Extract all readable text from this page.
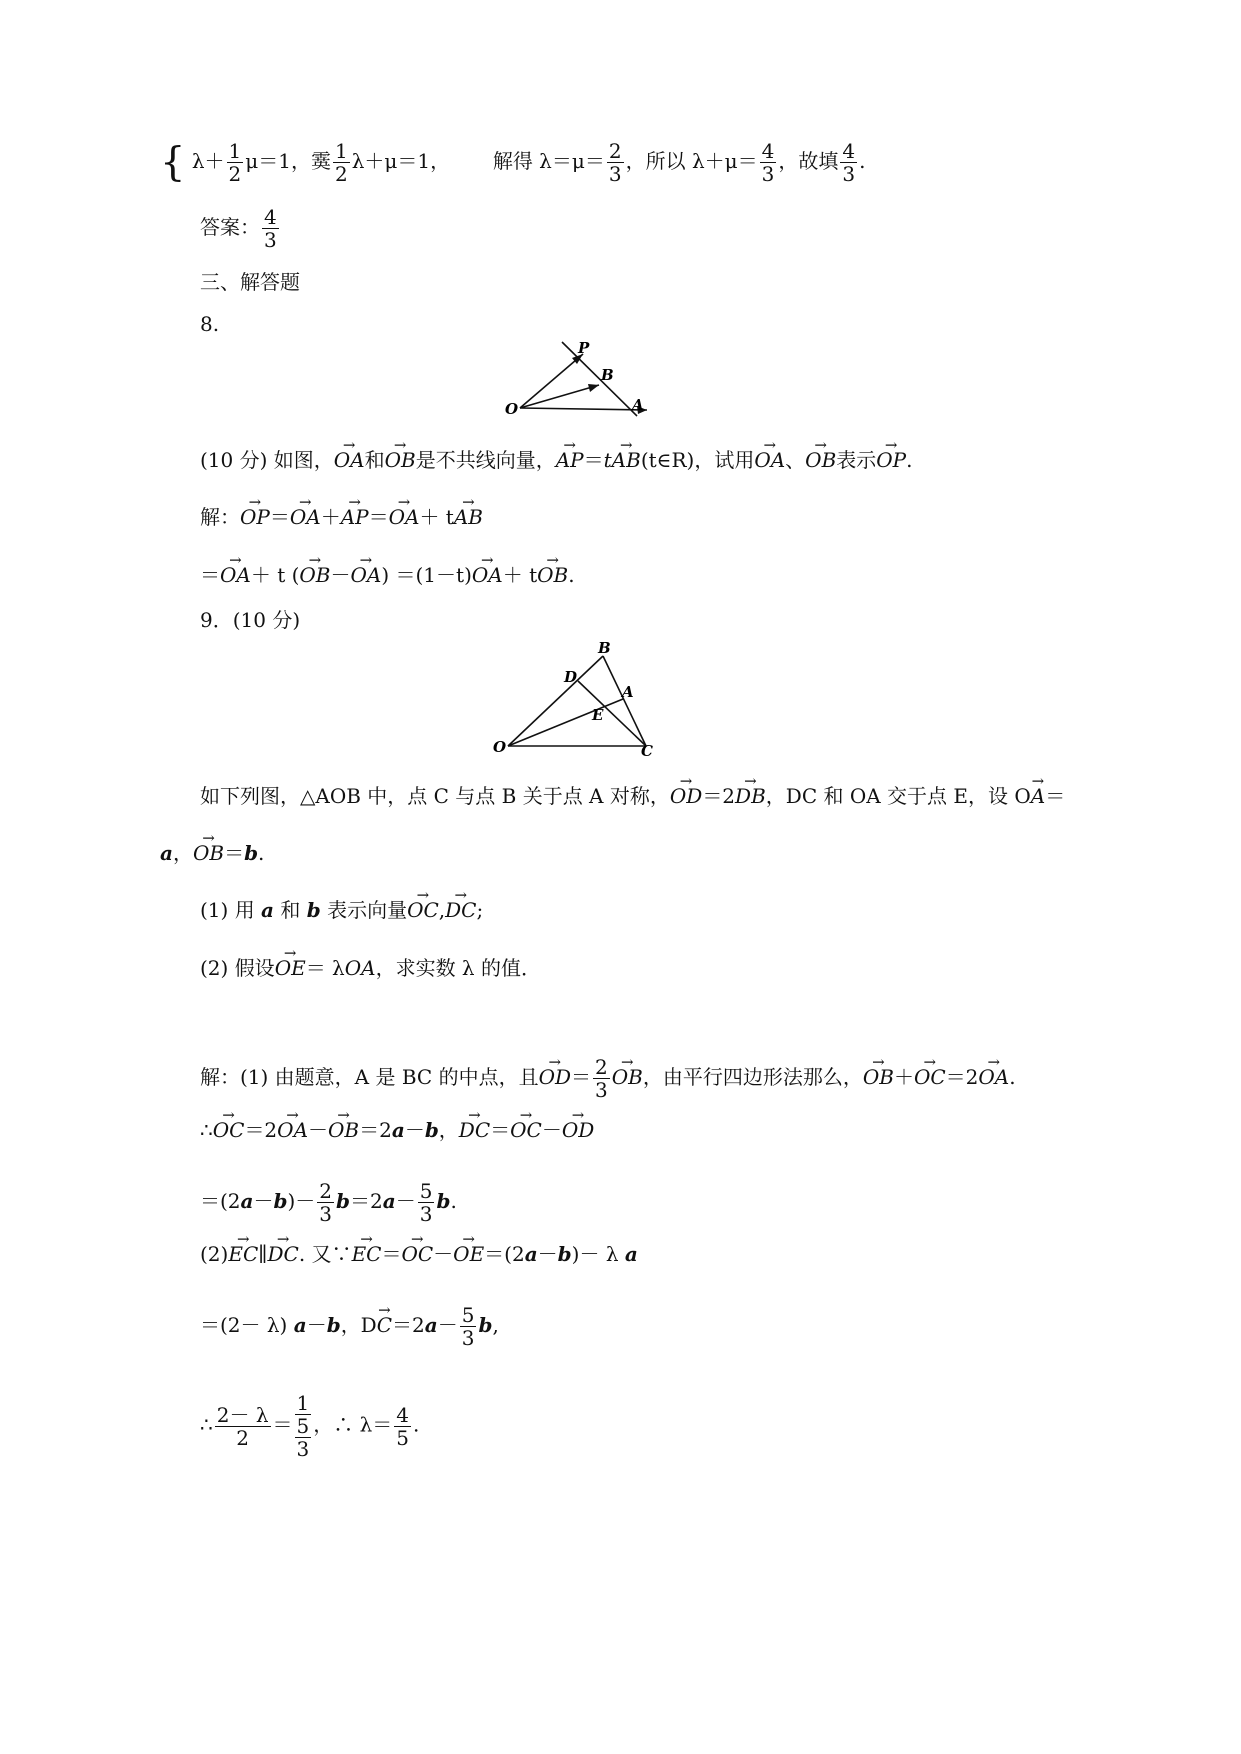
{ $\lambda+ \frac{1}{2} \mu=1$，霙 $\frac{1}{2} \lambda+\mu=1$， 解得 $\lambda=\mu= \frac{2}{3}$ ，所以 $\lambda+\mu= \frac{4}{3}$ ，故填 $\frac{4}{3}$ .
答案： $\frac{4}{3}$
三、解答题
8.
O
P
B
A
(10 分) 如图，→ OA和→ OB是不共线向量，→ AP＝t→ AB(t∈R)，试用→ OA、→ OB表示→ OP.
解：→ OP＝→ OA＋→ AP＝→ OA＋ t→ AB
＝→ OA＋ t (→ OB－→ OA) ＝(1－t)→ OA＋ t→ OB.
9．(10 分)
O
B
D
A
E
C
如下列图，△AOB 中，点 C 与点 B 关于点 A 对称，→ OD＝2→ DB，DC 和 OA 交于点 E，设 O→ A＝
a，→ OB＝b.
(1) 用 a 和 b 表示向量→ OC,→ DC;
(2) 假设→ OE＝ λOA，求实数 λ 的值．
解：(1) 由题意，A 是 BC 的中点，且→ $OD= \frac{2}{3}$
→ OB，由平行四边形法那么，→ OB＋→ OC＝2→ OA.
∴→ OC＝2→ OA－→ OB＝2a－b，→ DC＝→ OC－→ OD
$=(2a-b)- \frac{2}{3} b=2a- \frac{5}{3} b$.
(2)→ EC∥→ DC. 又∵→ EC＝→ OC－→ OE＝(2a－b)－ λ a
＝(2－ λ) a－b，$D\to C=2a- \frac{5}{3} b$,
∴ $\frac{2- \lambda}{2}$ ＝
1
5
3
，∴ $\lambda= \frac{4}{5}$ .
